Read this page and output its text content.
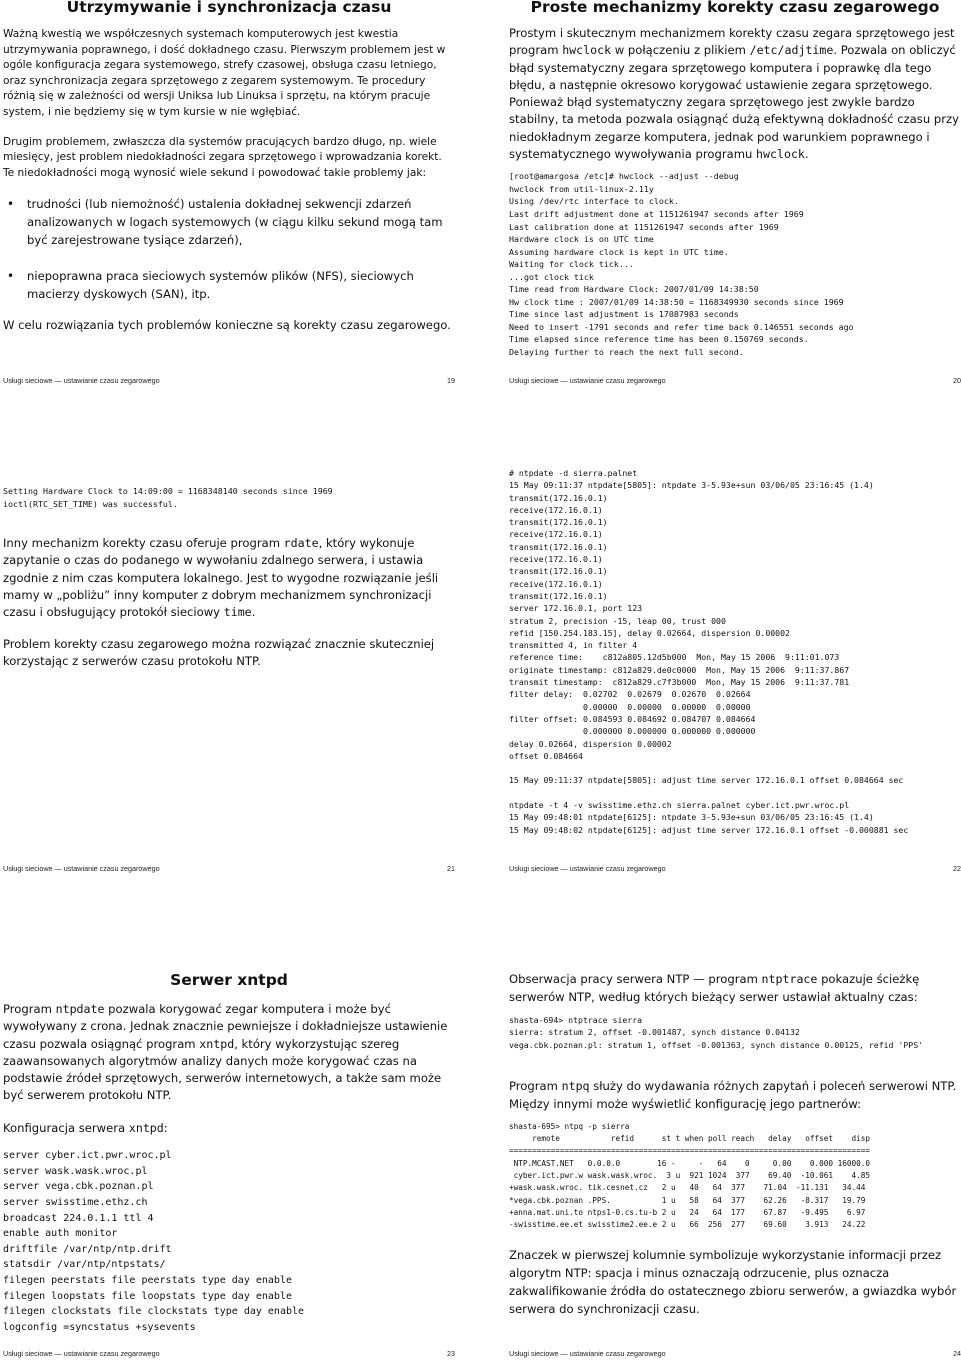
Utrzymywanie i synchronizacja czasu

Ważną kwestią we współczesnych systemach komputerowych jest kwestia utrzymywania poprawnego, i dość dokładnego czasu. Pierwszym problemem jest w ogóle konfiguracja zegara systemowego, strefy czasowej, obsługa czasu letniego, oraz synchronizacja zegara sprzętowego z zegarem systemowym. Te procedury różnią się w zależności od wersji Uniksa lub Linuksa i sprzętu, na którym pracuje system, i nie będziemy się w tym kursie w nie wgłębiać.

Drugim problemem, zwłaszcza dla systemów pracujących bardzo długo, np. wiele miesięcy, jest problem niedokładności zegara sprzętowego i wprowadzania korekt. Te niedokładności mogą wynosić wiele sekund i powodować takie problemy jak:

• trudności (lub niemożność) ustalenia dokładnej sekwencji zdarzeń analizowanych w logach systemowych (w ciągu kilku sekund mogą tam być zarejestrowane tysiące zdarzeń),
• niepoprawna praca sieciowych systemów plików (NFS), sieciowych macierzy dyskowych (SAN), itp.

W celu rozwiązania tych problemów konieczne są korekty czasu zegarowego.

Usługi sieciowe — ustawianie czasu zegarowego	19
Proste mechanizmy korekty czasu zegarowego

Prostym i skutecznym mechanizmem korekty czasu zegara sprzętowego jest program hwclock w połączeniu z plikiem /etc/adjtime. Pozwala on obliczyć błąd systematyczny zegara sprzętowego komputera i poprawkę dla tego błędu, a następnie okresowo korygować ustawienie zegara sprzętowego. Ponieważ błąd systematyczny zegara sprzętowego jest zwykle bardzo stabilny, ta metoda pozwala osiągnąć dużą efektywną dokładność czasu przy niedokładnym zegarze komputera, jednak pod warunkiem poprawnego i systematycznego wywoływania programu hwclock.

[root@amargosa /etc]# hwclock --adjust --debug
hwclock from util-linux-2.11y
Using /dev/rtc interface to clock.
Last drift adjustment done at 1151261947 seconds after 1969
Last calibration done at 1151261947 seconds after 1969
Hardware clock is on UTC time
Assuming hardware clock is kept in UTC time.
Waiting for clock tick...
...got clock tick
Time read from Hardware Clock: 2007/01/09 14:38:50
Hw clock time : 2007/01/09 14:38:50 = 1168349930 seconds since 1969
Time since last adjustment is 17087983 seconds
Need to insert -1791 seconds and refer time back 0.146551 seconds ago
Time elapsed since reference time has been 0.150769 seconds.
Delaying further to reach the next full second.
Usługi sieciowe — ustawianie czasu zegarowego	20
Setting Hardware Clock to 14:09:00 = 1168348140 seconds since 1969
ioctl(RTC_SET_TIME) was successful.

Inny mechanizm korekty czasu oferuje program rdate, który wykonuje zapytanie o czas do podanego w wywołaniu zdalnego serwera, i ustawia zgodnie z nim czas komputera lokalnego. Jest to wygodne rozwiązanie jeśli mamy w „pobliżu” inny komputer z dobrym mechanizmem synchronizacji czasu i obsługujący protokół sieciowy time.

Problem korekty czasu zegarowego można rozwiązać znacznie skuteczniej korzystając z serwerów czasu protokołu NTP.

Usługi sieciowe — ustawianie czasu zegarowego	21
# ntpdate -d sierra.palnet
15 May 09:11:37 ntpdate[5805]: ntpdate 3-5.93e+sun 03/06/05 23:16:45 (1.4)
transmit(172.16.0.1)
receive(172.16.0.1)
transmit(172.16.0.1)
receive(172.16.0.1)
transmit(172.16.0.1)
receive(172.16.0.1)
transmit(172.16.0.1)
receive(172.16.0.1)
transmit(172.16.0.1)
server 172.16.0.1, port 123
stratum 2, precision -15, leap 00, trust 000
refid [150.254.183.15], delay 0.02664, dispersion 0.00002
transmitted 4, in filter 4
reference time:    c812a805.12d5b000  Mon, May 15 2006  9:11:01.073
originate timestamp: c812a829.de0c0000  Mon, May 15 2006  9:11:37.867
transmit timestamp:  c812a829.c7f3b000  Mon, May 15 2006  9:11:37.781
filter delay:  0.02702  0.02679  0.02670  0.02664
0.00000  0.00000  0.00000  0.00000
filter offset: 0.084593 0.084692 0.084707 0.084664
0.000000 0.000000 0.000000 0.000000
delay 0.02664, dispersion 0.00002
offset 0.084664

15 May 09:11:37 ntpdate[5805]: adjust time server 172.16.0.1 offset 0.084664 sec

ntpdate -t 4 -v swisstime.ethz.ch sierra.palnet cyber.ict.pwr.wroc.pl
15 May 09:48:01 ntpdate[6125]: ntpdate 3-5.93e+sun 03/06/05 23:16:45 (1.4)
15 May 09:48:02 ntpdate[6125]: adjust time server 172.16.0.1 offset -0.000881 sec
Usługi sieciowe — ustawianie czasu zegarowego	22
Serwer xntpd

Program ntpdate pozwala korygować zegar komputera i może być wywoływany z crona. Jednak znacznie pewniejsze i dokładniejsze ustawienie czasu pozwala osiągnąć program xntpd, który wykorzystując szereg zaawansowanych algorytmów analizy danych może korygować czas na podstawie źródeł sprzętowych, serwerów internetowych, a także sam może być serwerem protokołu NTP.

Konfiguracja serwera xntpd:

server cyber.ict.pwr.wroc.pl
server wask.wask.wroc.pl
server vega.cbk.poznan.pl
server swisstime.ethz.ch
broadcast 224.0.1.1 ttl 4
enable auth monitor
driftfile /var/ntp/ntp.drift
statsdir /var/ntp/ntpstats/
filegen peerstats file peerstats type day enable
filegen loopstats file loopstats type day enable
filegen clockstats file clockstats type day enable
logconfig =syncstatus +sysevents
Usługi sieciowe — ustawianie czasu zegarowego	23

Obserwacja pracy serwera NTP — program ntptrace pokazuje ścieżkę serwerów NTP, według których bieżący serwer ustawiał aktualny czas:

shasta-694> ntptrace sierra
sierra: stratum 2, offset -0.001487, synch distance 0.04132
vega.cbk.poznan.pl: stratum 1, offset -0.001363, synch distance 0.00125, refid 'PPS'

Program ntpq służy do wydawania różnych zapytań i poleceń serwerowi NTP. Między innymi może wyświetlić konfigurację jego partnerów:

shasta-695> ntpq -p sierra
remote           refid      st t when poll reach   delay   offset    disp
==============================================================================
NTP.MCAST.NET   0.0.0.0        16 -     -   64    0     0.00    0.000 16000.0
cyber.ict.pwr.w wask.wask.wroc.  3 u  921 1024  377    69.40  -10.061    4.85
+wask.wask.wroc. tik.cesnet.cz   2 u   40   64  377    71.04  -11.131   34.44
*vega.cbk.poznan .PPS.           1 u   58   64  377    62.26   -8.317   19.79
+anna.mat.uni.to ntps1-0.cs.tu-b 2 u   24   64  177    67.87   -9.495    6.97
-swisstime.ee.et swisstime2.ee.e 2 u   66  256  277    69.60    3.913   24.22

Znaczek w pierwszej kolumnie symbolizuje wykorzystanie informacji przez algorytm NTP: spacja i minus oznaczają odrzucenie, plus oznacza zakwalifikowanie źródła do ostatecznego zbioru serwerów, a gwiazdka wybór serwera do synchronizacji czasu.

Usługi sieciowe — ustawianie czasu zegarowego	24
